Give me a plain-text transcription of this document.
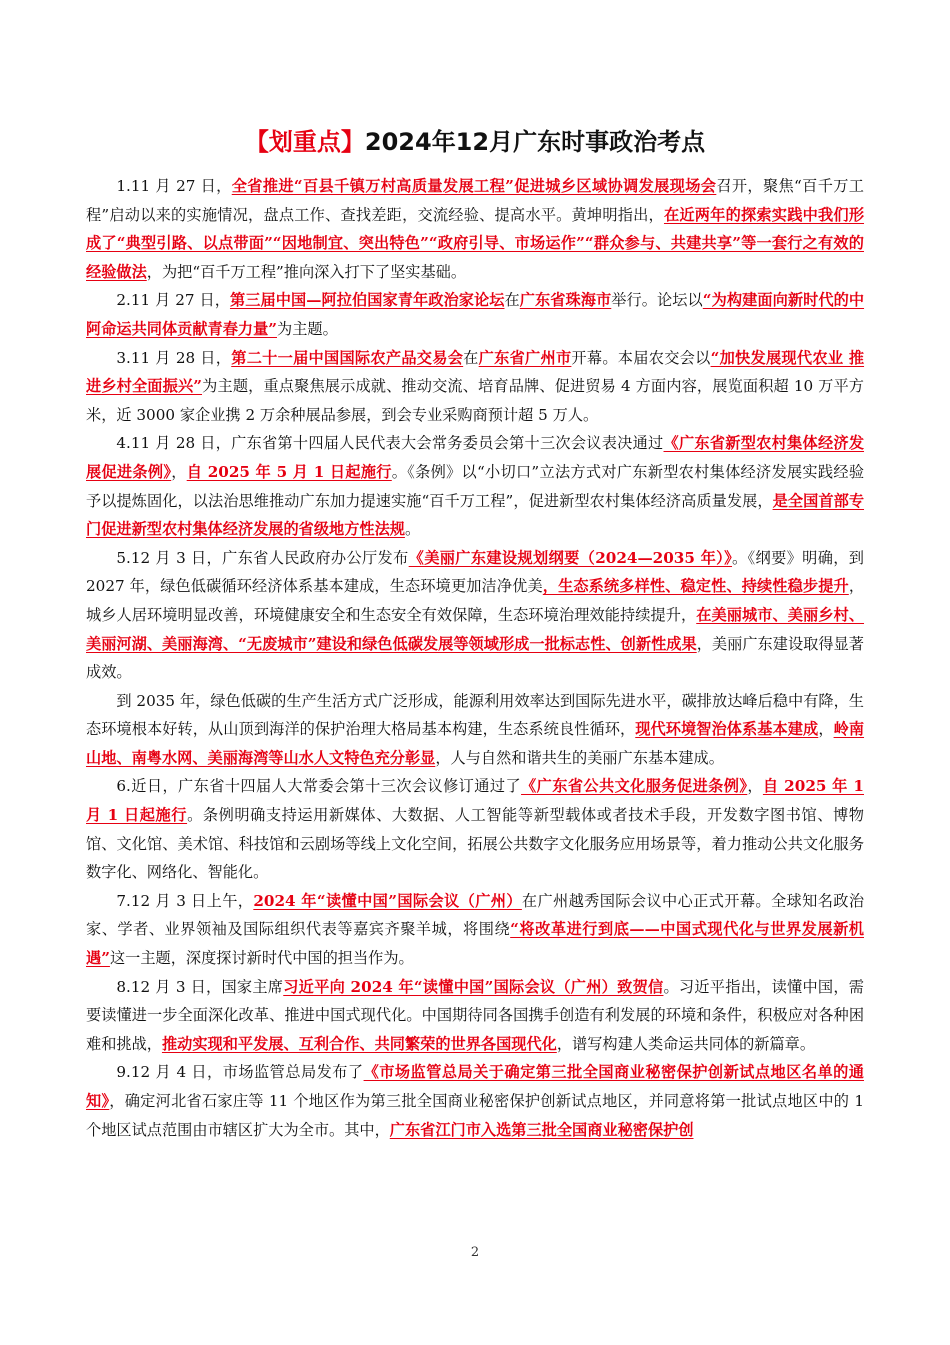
【划重点】2024年12月广东时事政治考点

1.11 月 27 日，全省推进“百县千镇万村高质量发展工程”促进城乡区域协调发展现场会召开，聚焦“百千万工程”启动以来的实施情况，盘点工作、查找差距，交流经验、提高水平。黄坤明指出，在近两年的探索实践中我们形成了“典型引路、以点带面”“因地制宜、突出特色”“政府引导、市场运作”“群众参与、共建共享”等一套行之有效的经验做法，为把“百千万工程”推向深入打下了坚实基础。

2.11 月 27 日，第三届中国—阿拉伯国家青年政治家论坛在广东省珠海市举行。论坛以“为构建面向新时代的中阿命运共同体贡献青春力量”为主题。

3.11 月 28 日，第二十一届中国国际农产品交易会在广东省广州市开幕。本届农交会以“加快发展现代农业 推进乡村全面振兴”为主题，重点聚焦展示成就、推动交流、培育品牌、促进贸易 4 方面内容，展览面积超 10 万平方米，近 3000 家企业携 2 万余种展品参展，到会专业采购商预计超 5 万人。

4.11 月 28 日，广东省第十四届人民代表大会常务委员会第十三次会议表决通过《广东省新型农村集体经济发展促进条例》，自 2025 年 5 月 1 日起施行。《条例》以“小切口”立法方式对广东新型农村集体经济发展实践经验予以提炼固化，以法治思维推动广东加力提速实施“百千万工程”，促进新型农村集体经济高质量发展，是全国首部专门促进新型农村集体经济发展的省级地方性法规。

5.12 月 3 日，广东省人民政府办公厅发布《美丽广东建设规划纲要（2024—2035 年）》。《纲要》明确，到 2027 年，绿色低碳循环经济体系基本建成，生态环境更加洁净优美，生态系统多样性、稳定性、持续性稳步提升，城乡人居环境明显改善，环境健康安全和生态安全有效保障，生态环境治理效能持续提升，在美丽城市、美丽乡村、美丽河湖、美丽海湾、“无废城市”建设和绿色低碳发展等领域形成一批标志性、创新性成果，美丽广东建设取得显著成效。

到 2035 年，绿色低碳的生产生活方式广泛形成，能源利用效率达到国际先进水平，碳排放达峰后稳中有降，生态环境根本好转，从山顶到海洋的保护治理大格局基本构建，生态系统良性循环，现代环境智治体系基本建成，岭南山地、南粤水网、美丽海湾等山水人文特色充分彰显，人与自然和谐共生的美丽广东基本建成。

6.近日，广东省十四届人大常委会第十三次会议修订通过了《广东省公共文化服务促进条例》，自 2025 年 1 月 1 日起施行。条例明确支持运用新媒体、大数据、人工智能等新型载体或者技术手段，开发数字图书馆、博物馆、文化馆、美术馆、科技馆和云剧场等线上文化空间，拓展公共数字文化服务应用场景等，着力推动公共文化服务数字化、网络化、智能化。

7.12 月 3 日上午，2024 年“读懂中国”国际会议（广州）在广州越秀国际会议中心正式开幕。全球知名政治家、学者、业界领袖及国际组织代表等嘉宾齐聚羊城，将围绕“将改革进行到底——中国式现代化与世界发展新机遇”这一主题，深度探讨新时代中国的担当作为。

8.12 月 3 日，国家主席习近平向 2024 年“读懂中国”国际会议（广州）致贺信。习近平指出，读懂中国，需要读懂进一步全面深化改革、推进中国式现代化。中国期待同各国携手创造有利发展的环境和条件，积极应对各种困难和挑战，推动实现和平发展、互利合作、共同繁荣的世界各国现代化，谱写构建人类命运共同体的新篇章。

9.12 月 4 日，市场监管总局发布了《市场监管总局关于确定第三批全国商业秘密保护创新试点地区名单的通知》，确定河北省石家庄等 11 个地区作为第三批全国商业秘密保护创新试点地区，并同意将第一批试点地区中的 1 个地区试点范围由市辖区扩大为全市。其中，广东省江门市入选第三批全国商业秘密保护创

2
